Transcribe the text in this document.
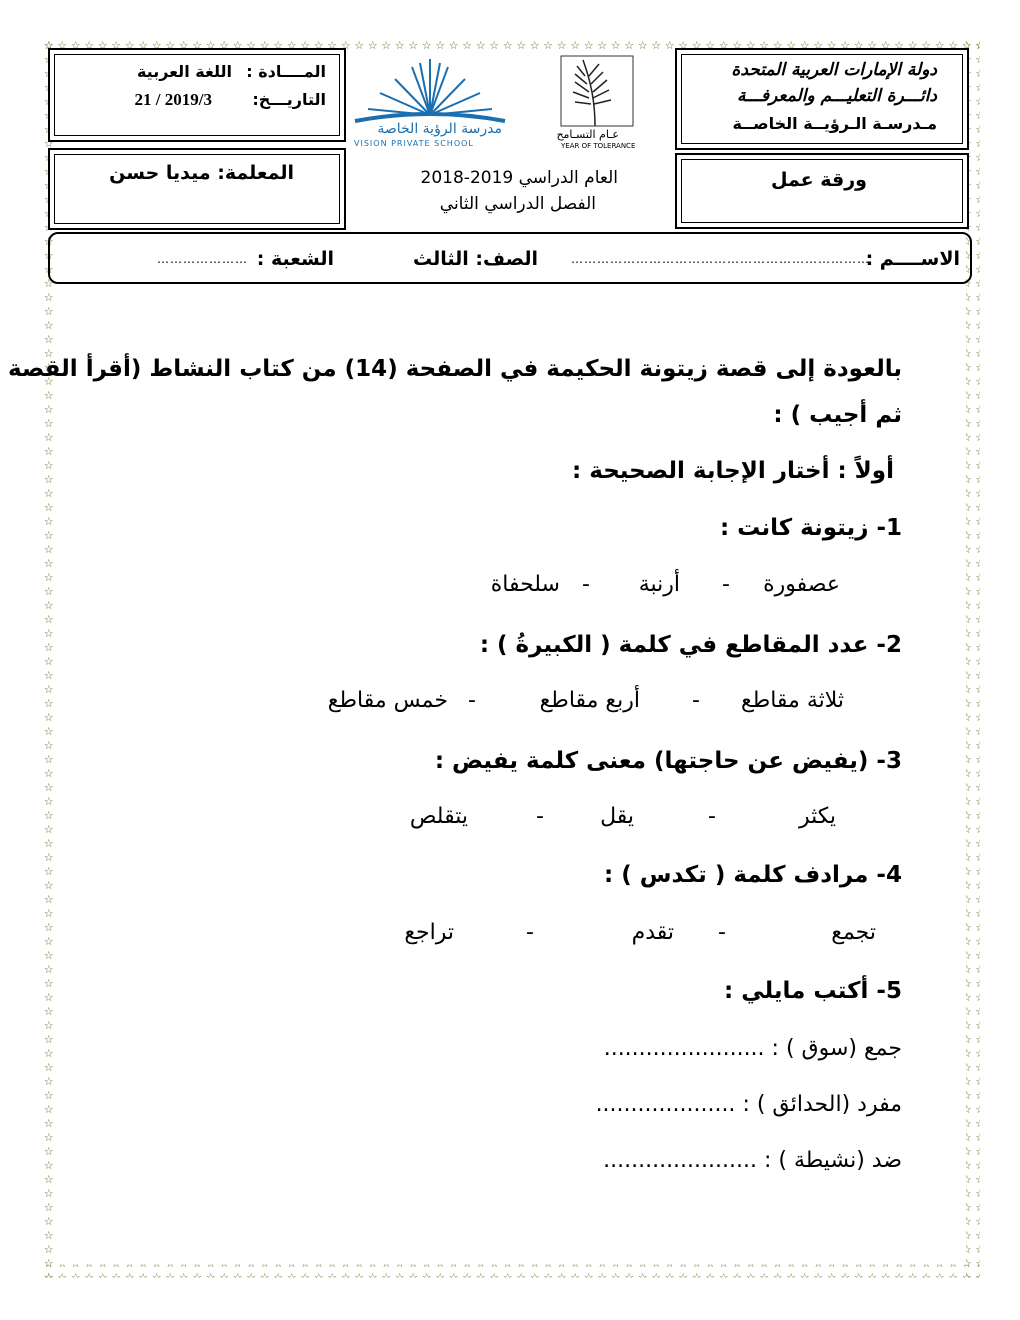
دولة الإمارات العربية المتحدة
دائـــرة التعليـــم والمعرفـــة
مـدرسـة الـرؤيــة الخاصــة
المــــادة :
اللغة العربية
التاريـــخ:
21 / 2019/3
مدرسة الرؤية الخاصة
VISION PRIVATE SCHOOL
عـام التسـامح
YEAR OF TOLERANCE
ورقة عمل
العام الدراسي 2019-2018
الفصل الدراسي الثاني
المعلمة: ميديا حسن
الاســــم :
……………………………………………………………
الصف: الثالث
الشعبة :
…………………
بالعودة إلى قصة زيتونة الحكيمة في الصفحة (14) من كتاب النشاط (أقرأ القصة
ثم أجيب ) :
أولاً : أختار الإجابة الصحيحة :
1- زيتونة كانت :
عصفورة
-
أرنبة
-
سلحفاة
2- عدد المقاطع في كلمة ( الكبيرةُ ) :
ثلاثة مقاطع
-
أربع مقاطع
-
خمس مقاطع
3- (يفيض عن حاجتها) معنى كلمة يفيض :
يكثر
-
يقل
-
يتقلص
4- مرادف كلمة ( تكدس ) :
تجمع
-
تقدم
-
تراجع
5- أكتب مايلي :
جمع (سوق ) : .......................
مفرد (الحدائق ) : ....................
ضد (نشيطة ) : ......................
